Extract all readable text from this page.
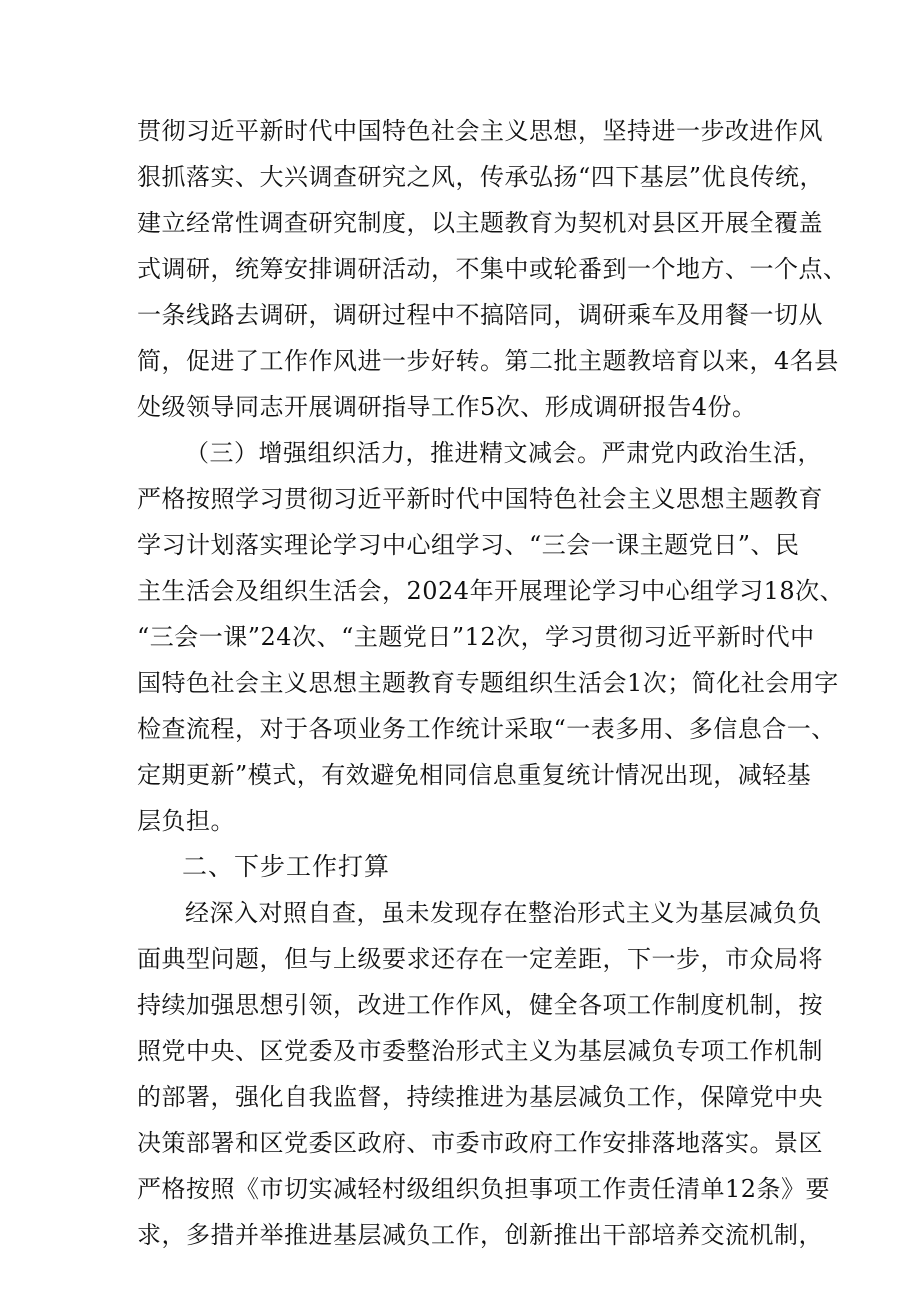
贯彻习近平新时代中国特色社会主义思想，坚持进一步改进作风
狠抓落实、大兴调查研究之风，传承弘扬“四下基层”优良传统，
建立经常性调查研究制度，以主题教育为契机对县区开展全覆盖
式调研，统筹安排调研活动，不集中或轮番到一个地方、一个点、
一条线路去调研，调研过程中不搞陪同，调研乘车及用餐一切从
简，促进了工作作风进一步好转。第二批主题教培育以来，4名县
处级领导同志开展调研指导工作5次、形成调研报告4份。
（三）增强组织活力，推进精文减会。严肃党内政治生活，
严格按照学习贯彻习近平新时代中国特色社会主义思想主题教育
学习计划落实理论学习中心组学习、“三会一课主题党日”、民
主生活会及组织生活会，2024年开展理论学习中心组学习18次、
“三会一课”24次、“主题党日”12次，学习贯彻习近平新时代中
国特色社会主义思想主题教育专题组织生活会1次；简化社会用字
检查流程，对于各项业务工作统计采取“一表多用、多信息合一、
定期更新”模式，有效避免相同信息重复统计情况出现，减轻基
层负担。
二、下步工作打算
经深入对照自查，虽未发现存在整治形式主义为基层减负负
面典型问题，但与上级要求还存在一定差距，下一步，市众局将
持续加强思想引领，改进工作作风，健全各项工作制度机制，按
照党中央、区党委及市委整治形式主义为基层减负专项工作机制
的部署，强化自我监督，持续推进为基层减负工作，保障党中央
决策部署和区党委区政府、市委市政府工作安排落地落实。景区
严格按照《市切实减轻村级组织负担事项工作责任清单12条》要
求，多措并举推进基层减负工作，创新推出干部培养交流机制，
